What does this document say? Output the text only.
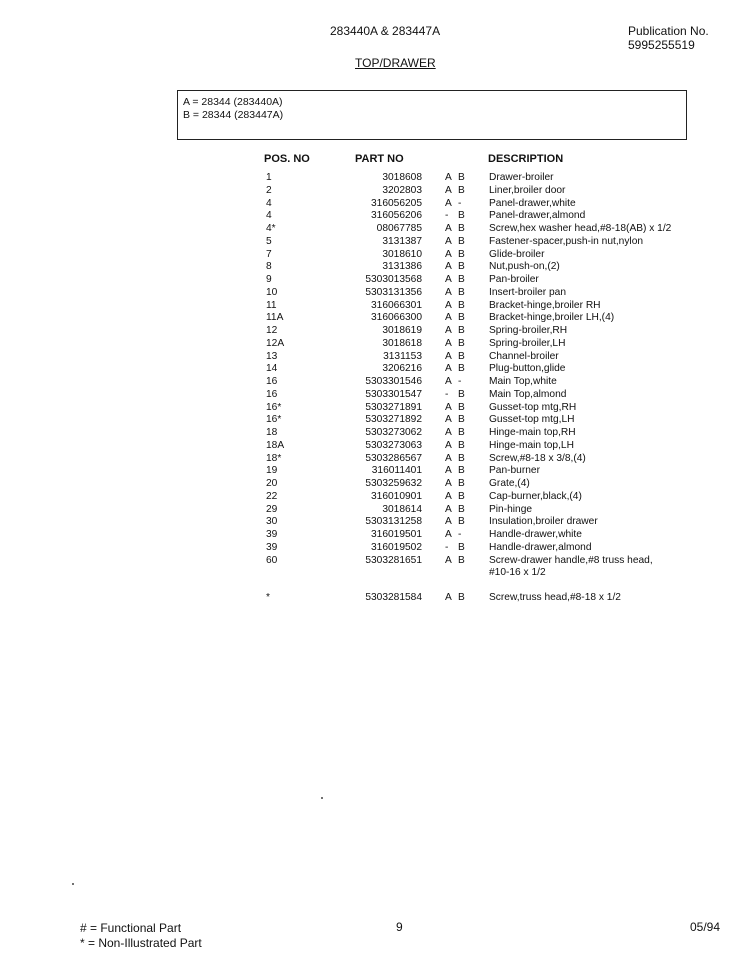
283440A & 283447A	Publication No.
5995255519
TOP/DRAWER
A = 28344 (283440A)
B = 28344 (283447A)
POS. NO	PART NO	DESCRIPTION
1	3018608 A B Drawer-broiler
2	3202803 A B Liner,broiler door
4	316056205 A -	Panel-drawer,white
4	316056206 - B Panel-drawer,almond
4*	08067785 A B Screw,hex washer head,#8-18(AB) x 1/2
5	3131387 A B Fastener-spacer,push-in nut,nylon
7	3018610 A B Glide-broiler
8	3131386 A B Nut,push-on,(2)
9	5303013568 A B Pan-broiler
10	5303131356 A B Insert-broiler pan
11	316066301 A B Bracket-hinge,broiler RH
11A	316066300 A B Bracket-hinge,broiler LH,(4)
12	3018619 A B Spring-broiler,RH
12A	3018618 A B Spring-broiler,LH
13	3131153 A B Channel-broiler
14	3206216 A B Plug-button,glide
16	5303301546 A -	Main Top,white
16	5303301547 - B Main Top,almond
16*	5303271891 A B Gusset-top mtg,RH
16*	5303271892 A B Gusset-top mtg,LH
18	5303273062 A B Hinge-main top,RH
18A	5303273063 A B Hinge-main top,LH
18*	5303286567 A B Screw,#8-18 x 3/8,(4)
19	316011401 A B Pan-burner
20	5303259632 A B Grate,(4)
22	316010901 A B Cap-burner,black,(4)
29	3018614 A B Pin-hinge
30	5303131258 A B Insulation,broiler drawer
39	316019501 A -	Handle-drawer,white
39	316019502 - B Handle-drawer,almond
60	5303281651 A B Screw-drawer handle,#8 truss head,
#10-16 x 1/2
*	5303281584 A B Screw,truss head,#8-18 x 1/2
# = Functional Part
* = Non-Illustrated Part
9	05/94
